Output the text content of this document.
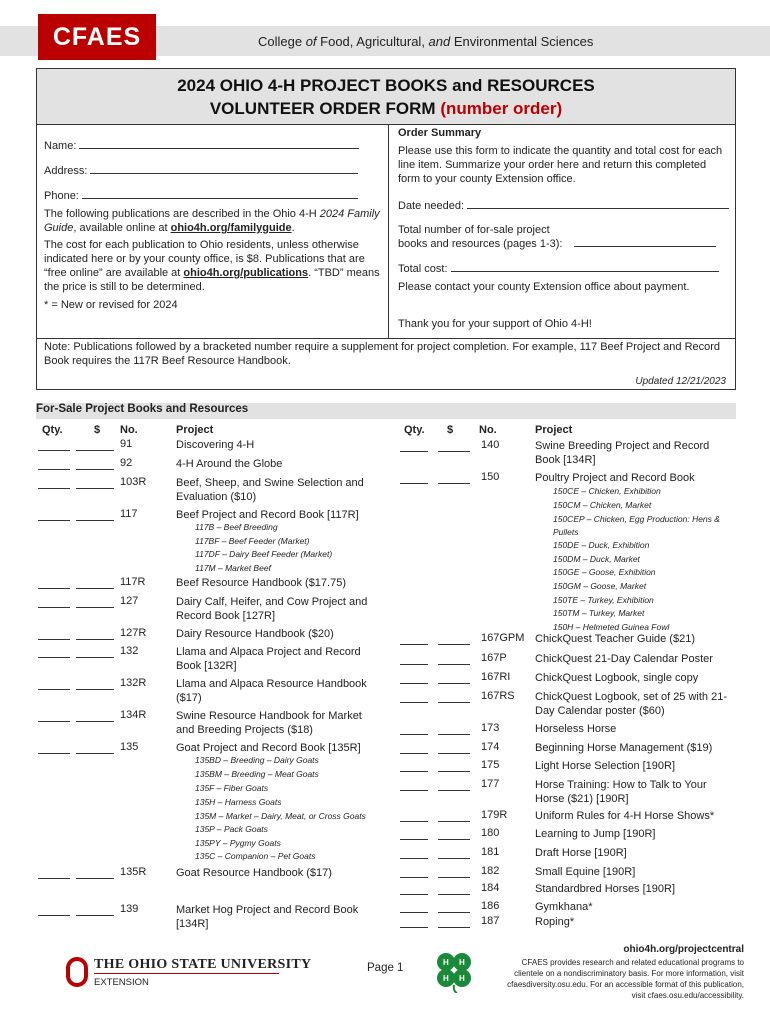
CFAES	College of Food, Agricultural, and Environmental Sciences
2024 OHIO 4-H PROJECT BOOKS and RESOURCES
VOLUNTEER ORDER FORM (number order)
Name:
Address:
Phone:
The following publications are described in the Ohio 4-H 2024 Family Guide, available online at ohio4h.org/familyguide.
The cost for each publication to Ohio residents, unless otherwise indicated here or by your county office, is $8. Publications that are “free online” are available at ohio4h.org/publications. “TBD” means the price is still to be determined.
* = New or revised for 2024
Order Summary
Please use this form to indicate the quantity and total cost for each line item. Summarize your order here and return this completed form to your county Extension office.
Date needed:
Total number of for-sale project
books and resources (pages 1-3):
Total cost:
Please contact your county Extension office about payment.
Thank you for your support of Ohio 4-H!
Note: Publications followed by a bracketed number require a supplement for project completion. For example, 117 Beef Project and Record Book requires the 117R Beef Resource Handbook.
Updated 12/21/2023
For-Sale Project Books and Resources
Qty.	$ No.	Project	Qty. $ No.	Project
91	Discovering 4-H
92	4-H Around the Globe
103R	Beef, Sheep, and Swine Selection and Evaluation ($10)
117	Beef Project and Record Book [117R]
117R	Beef Resource Handbook ($17.75)
127	Dairy Calf, Heifer, and Cow Project and Record Book [127R]
127R	Dairy Resource Handbook ($20)
132	Llama and Alpaca Project and Record Book [132R]
132R	Llama and Alpaca Resource Handbook ($17)
134R	Swine Resource Handbook for Market and Breeding Projects ($18)
135	Goat Project and Record Book [135R]
135R	Goat Resource Handbook ($17)
139	Market Hog Project and Record Book [134R]
140	Swine Breeding Project and Record Book [134R]
150	Poultry Project and Record Book
167GPM ChickQuest Teacher Guide ($21)
167P	ChickQuest 21-Day Calendar Poster
167RI ChickQuest Logbook, single copy
167RS ChickQuest Logbook, set of 25 with 21-Day Calendar poster ($60)
173	Horseless Horse
174	Beginning Horse Management ($19)
175	Light Horse Selection [190R]
177	Horse Training: How to Talk to Your Horse ($21) [190R]
179R	Uniform Rules for 4-H Horse Shows*
180	Learning to Jump [190R]
181	Draft Horse [190R]
182	Small Equine [190R]
184	Standardbred Horses [190R]
186	Gymkhana*
187	Roping*
117B – Beef Breeding
117BF – Beef Feeder (Market)
117DF – Dairy Beef Feeder (Market)
117M – Market Beef
135BD – Breeding – Dairy Goats
135BM – Breeding – Meat Goats
135F – Fiber Goats
135H – Harness Goats
135M – Market – Dairy, Meat, or Cross Goats
135P – Pack Goats
135PY – Pygmy Goats
135C – Companion – Pet Goats
150CE – Chicken, Exhibition
150CM – Chicken, Market
150CEP – Chicken, Egg Production: Hens & Pullets
150DE – Duck, Exhibition
150DM – Duck, Market
150GE – Goose, Exhibition
150GM – Goose, Market
150TE – Turkey, Exhibition
150TM – Turkey, Market
150H – Helmeted Guinea Fowl
THE OHIO STATE UNIVERSITY
EXTENSION
Page 1	H H
H H
ohio4h.org/projectcentral
CFAES provides research and related educational programs to clientele on a nondiscriminatory basis. For more information, visit cfaesdiversity.osu.edu. For an accessible format of this publication, visit cfaes.osu.edu/accessibility.
